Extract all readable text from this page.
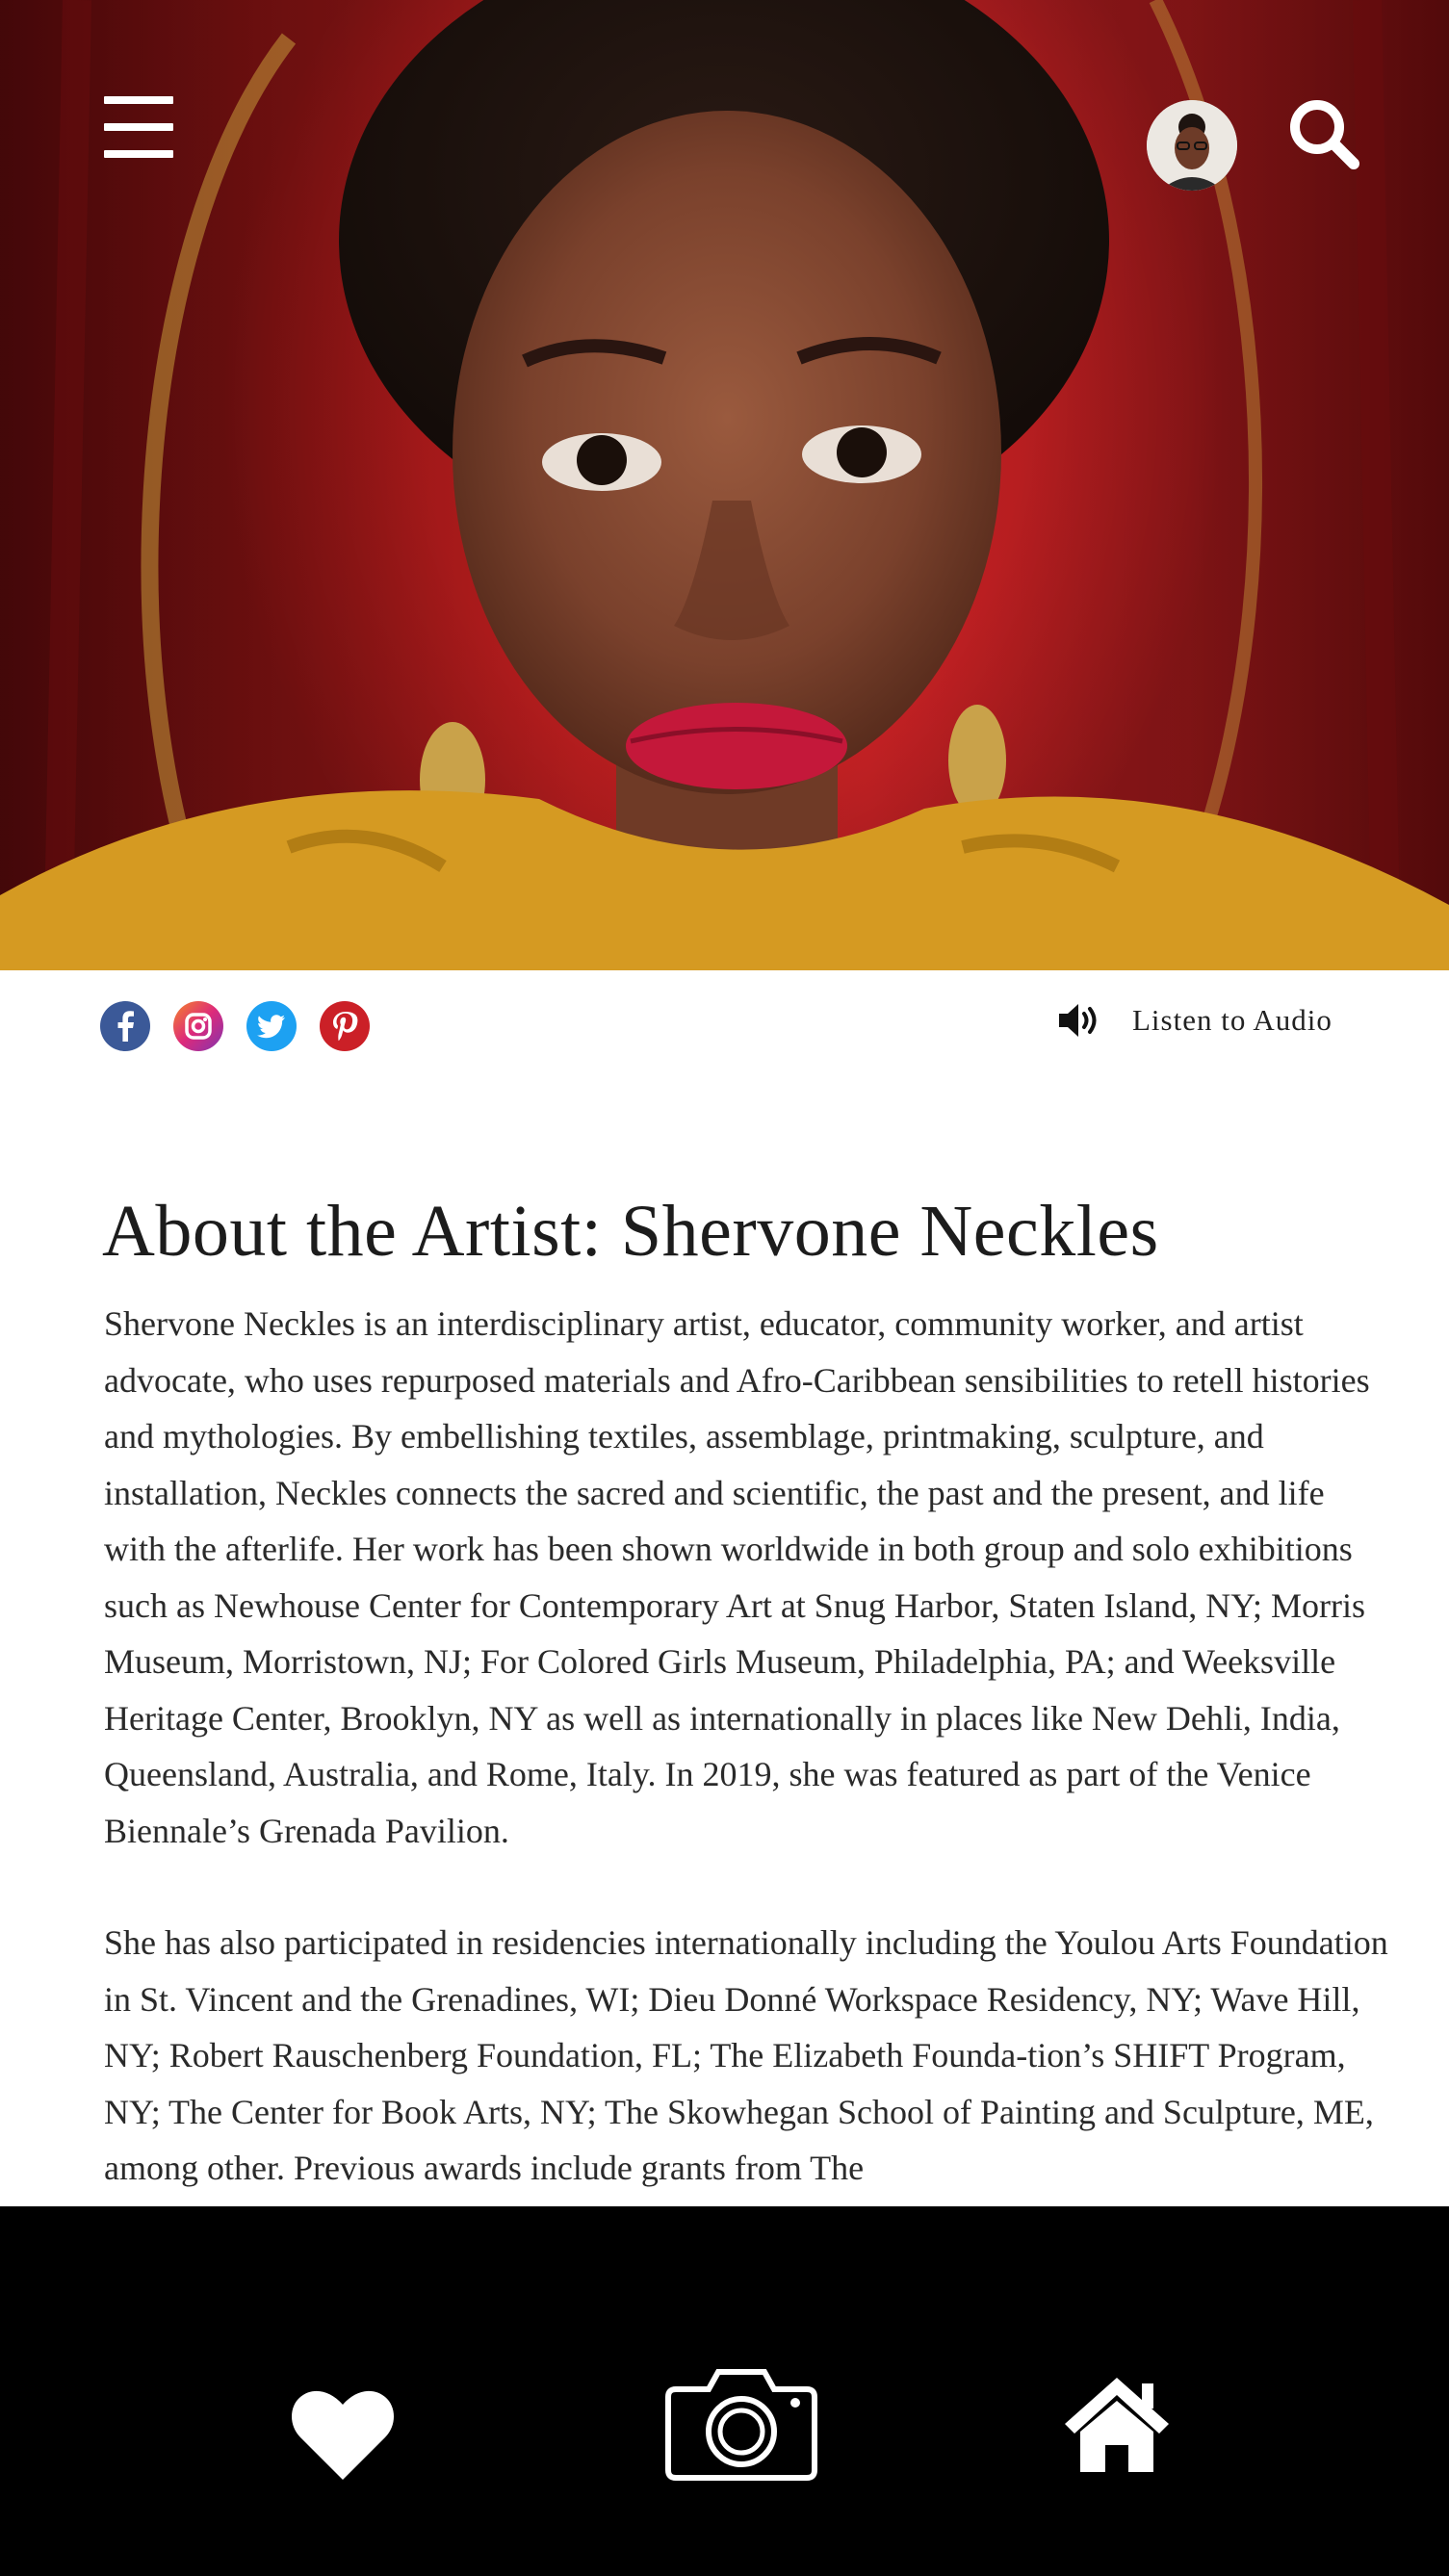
Listen to Audio
About the Artist: Shervone Neckles

Shervone Neckles is an interdisciplinary artist, educator, community worker, and artist advocate, who uses repurposed materials and Afro-Caribbean sensibilities to retell histories and mythologies. By embellishing textiles, assemblage, printmaking, sculpture, and installation, Neckles connects the sacred and scientific, the past and the present, and life with the afterlife. Her work has been shown worldwide in both group and solo exhibitions such as Newhouse Center for Contemporary Art at Snug Harbor, Staten Island, NY; Morris Museum, Morristown, NJ; For Colored Girls Museum, Philadelphia, PA; and Weeksville Heritage Center, Brooklyn, NY as well as internationally in places like New Dehli, India, Queensland, Australia, and Rome, Italy. In 2019, she was featured as part of the Venice Biennale’s Grenada Pavilion.

She has also participated in residencies internationally including the Youlou Arts Foundation in St. Vincent and the Grenadines, WI; Dieu Donné Workspace Residency, NY; Wave Hill, NY; Robert Rauschenberg Foundation, FL; The Elizabeth Founda-tion’s SHIFT Program, NY; The Center for Book Arts, NY; The Skowhegan School of Painting and Sculpture, ME, among other. Previous awards include grants from The
